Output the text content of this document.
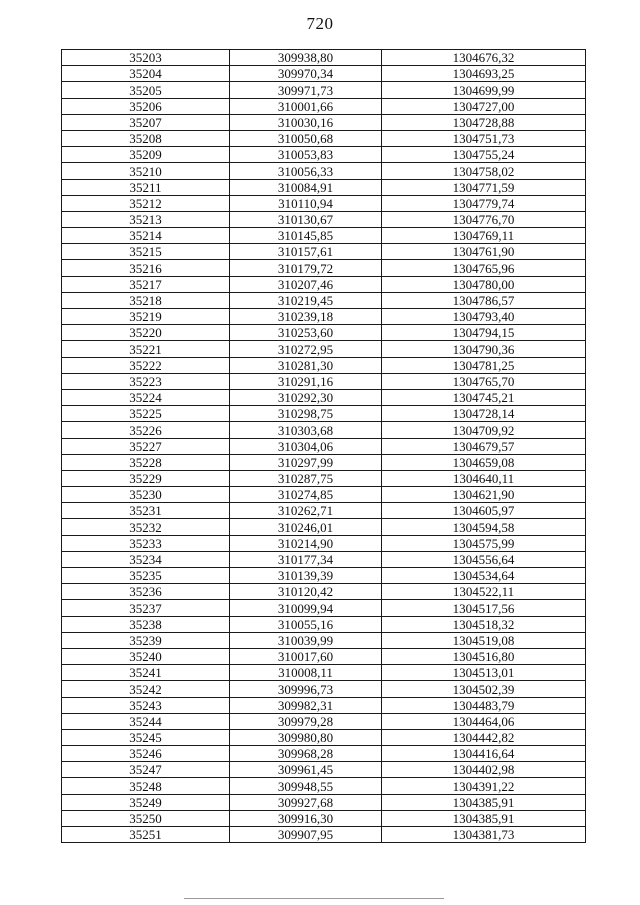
720
35203	309938,80	1304676,32
35204	309970,34	1304693,25
35205	309971,73	1304699,99
35206	310001,66	1304727,00
35207	310030,16	1304728,88
35208	310050,68	1304751,73
35209	310053,83	1304755,24
35210	310056,33	1304758,02
35211	310084,91	1304771,59
35212	310110,94	1304779,74
35213	310130,67	1304776,70
35214	310145,85	1304769,11
35215	310157,61	1304761,90
35216	310179,72	1304765,96
35217	310207,46	1304780,00
35218	310219,45	1304786,57
35219	310239,18	1304793,40
35220	310253,60	1304794,15
35221	310272,95	1304790,36
35222	310281,30	1304781,25
35223	310291,16	1304765,70
35224	310292,30	1304745,21
35225	310298,75	1304728,14
35226	310303,68	1304709,92
35227	310304,06	1304679,57
35228	310297,99	1304659,08
35229	310287,75	1304640,11
35230	310274,85	1304621,90
35231	310262,71	1304605,97
35232	310246,01	1304594,58
35233	310214,90	1304575,99
35234	310177,34	1304556,64
35235	310139,39	1304534,64
35236	310120,42	1304522,11
35237	310099,94	1304517,56
35238	310055,16	1304518,32
35239	310039,99	1304519,08
35240	310017,60	1304516,80
35241	310008,11	1304513,01
35242	309996,73	1304502,39
35243	309982,31	1304483,79
35244	309979,28	1304464,06
35245	309980,80	1304442,82
35246	309968,28	1304416,64
35247	309961,45	1304402,98
35248	309948,55	1304391,22
35249	309927,68	1304385,91
35250	309916,30	1304385,91
35251	309907,95	1304381,73
